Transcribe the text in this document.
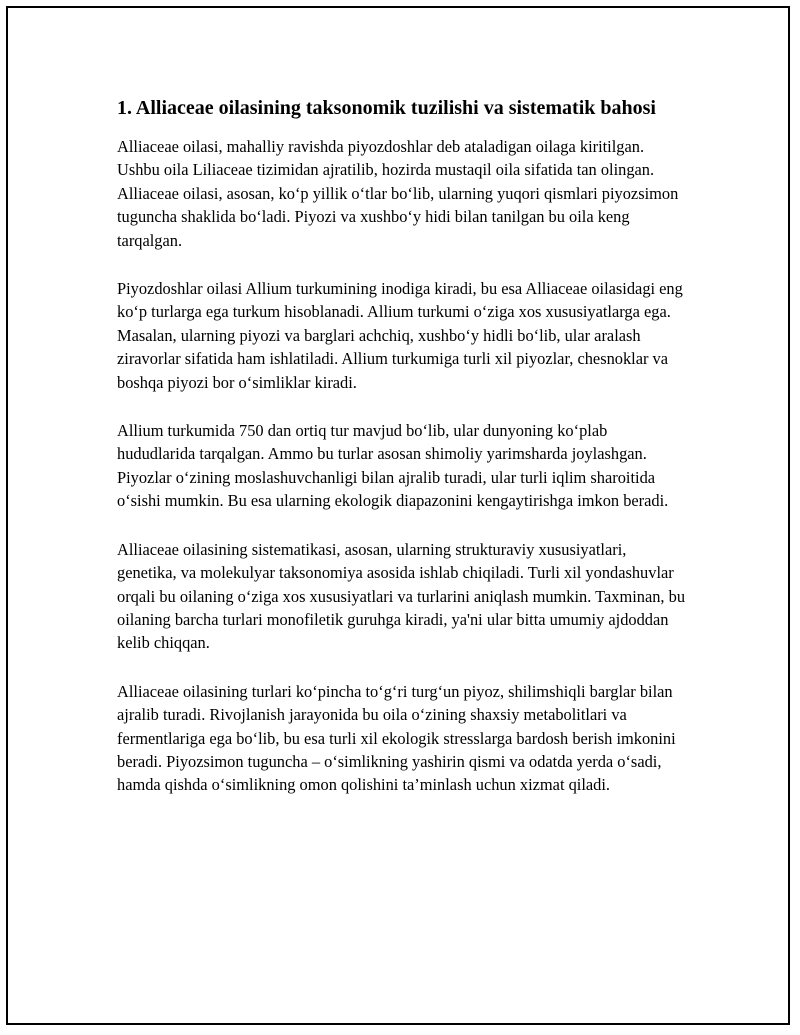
1. Alliaceae oilasining taksonomik tuzilishi va sistematik bahosi

Alliaceae oilasi, mahalliy ravishda piyozdoshlar deb ataladigan oilaga kiritilgan. Ushbu oila Liliaceae tizimidan ajratilib, hozirda mustaqil oila sifatida tan olingan. Alliaceae oilasi, asosan, ko‘p yillik o‘tlar bo‘lib, ularning yuqori qismlari piyozsimon tuguncha shaklida bo‘ladi. Piyozi va xushbo‘y hidi bilan tanilgan bu oila keng tarqalgan.

Piyozdoshlar oilasi Allium turkumining inodiga kiradi, bu esa Alliaceae oilasidagi eng ko‘p turlarga ega turkum hisoblanadi. Allium turkumi o‘ziga xos xususiyatlarga ega. Masalan, ularning piyozi va barglari achchiq, xushbo‘y hidli bo‘lib, ular aralash ziravorlar sifatida ham ishlatiladi. Allium turkumiga turli xil piyozlar, chesnoklar va boshqa piyozi bor o‘simliklar kiradi.

Allium turkumida 750 dan ortiq tur mavjud bo‘lib, ular dunyoning ko‘plab hududlarida tarqalgan. Ammo bu turlar asosan shimoliy yarimsharda joylashgan. Piyozlar o‘zining moslashuvchanligi bilan ajralib turadi, ular turli iqlim sharoitida o‘sishi mumkin. Bu esa ularning ekologik diapazonini kengaytirishga imkon beradi.

Alliaceae oilasining sistematikasi, asosan, ularning strukturaviy xususiyatlari, genetika, va molekulyar taksonomiya asosida ishlab chiqiladi. Turli xil yondashuvlar orqali bu oilaning o‘ziga xos xususiyatlari va turlarini aniqlash mumkin. Taxminan, bu oilaning barcha turlari monofiletik guruhga kiradi, ya'ni ular bitta umumiy ajdoddan kelib chiqqan.

Alliaceae oilasining turlari ko‘pincha to‘g‘ri turg‘un piyoz, shilimshiqli barglar bilan ajralib turadi. Rivojlanish jarayonida bu oila o‘zining shaxsiy metabolitlari va fermentlariga ega bo‘lib, bu esa turli xil ekologik stresslarga bardosh berish imkonini beradi. Piyozsimon tuguncha – o‘simlikning yashirin qismi va odatda yerda o‘sadi, hamda qishda o‘simlikning omon qolishini ta’minlash uchun xizmat qiladi.
